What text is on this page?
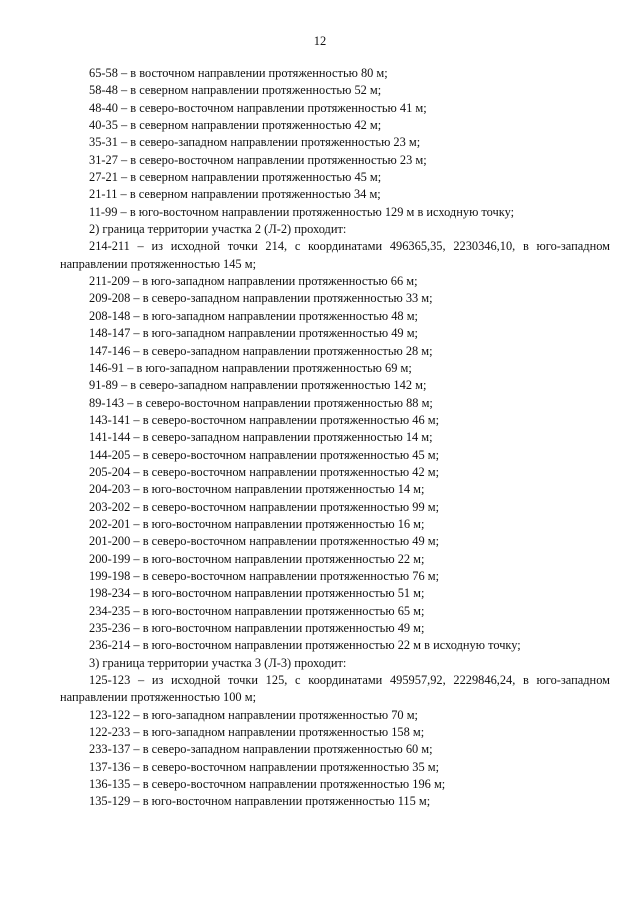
12

65-58 – в восточном направлении протяженностью 80 м;

58-48 – в северном направлении протяженностью 52 м;

48-40 – в северо-восточном направлении протяженностью 41 м;

40-35 – в северном направлении протяженностью 42 м;

35-31 – в северо-западном направлении протяженностью 23 м;

31-27 – в северо-восточном направлении протяженностью 23 м;

27-21 – в северном направлении протяженностью 45 м;

21-11 – в северном направлении протяженностью 34 м;

11-99 – в юго-восточном направлении протяженностью 129 м в исходную точку;

2) граница территории участка 2 (Л-2) проходит:

214-211 – из исходной точки 214, с координатами 496365,35, 2230346,10, в юго-западном направлении протяженностью 145 м;

211-209 – в юго-западном направлении протяженностью 66 м;

209-208 – в северо-западном направлении протяженностью 33 м;

208-148 – в юго-западном направлении протяженностью 48 м;

148-147 – в юго-западном направлении протяженностью 49 м;

147-146 – в северо-западном направлении протяженностью 28 м;

146-91 – в юго-западном направлении протяженностью 69 м;

91-89 – в северо-западном направлении протяженностью 142 м;

89-143 – в северо-восточном направлении протяженностью 88 м;

143-141 – в северо-восточном направлении протяженностью 46 м;

141-144 – в северо-западном направлении протяженностью 14 м;

144-205 – в северо-восточном направлении протяженностью 45 м;

205-204 – в северо-восточном направлении протяженностью 42 м;

204-203 – в юго-восточном направлении протяженностью 14 м;

203-202 – в северо-восточном направлении протяженностью 99 м;

202-201 – в юго-восточном направлении протяженностью 16 м;

201-200 – в северо-восточном направлении протяженностью 49 м;

200-199 – в юго-восточном направлении протяженностью 22 м;

199-198 – в северо-восточном направлении протяженностью 76 м;

198-234 – в юго-восточном направлении протяженностью 51 м;

234-235 – в юго-восточном направлении протяженностью 65 м;

235-236 – в юго-восточном направлении протяженностью 49 м;

236-214 – в юго-восточном направлении протяженностью 22 м в исходную точку;

3) граница территории участка 3 (Л-3) проходит:

125-123 – из исходной точки 125, с координатами 495957,92, 2229846,24, в юго-западном направлении протяженностью 100 м;

123-122 – в юго-западном направлении протяженностью 70 м;

122-233 – в юго-западном направлении протяженностью 158 м;

233-137 – в северо-западном направлении протяженностью 60 м;

137-136 – в северо-восточном направлении протяженностью 35 м;

136-135 – в северо-восточном направлении протяженностью 196 м;

135-129 – в юго-восточном направлении протяженностью 115 м;
